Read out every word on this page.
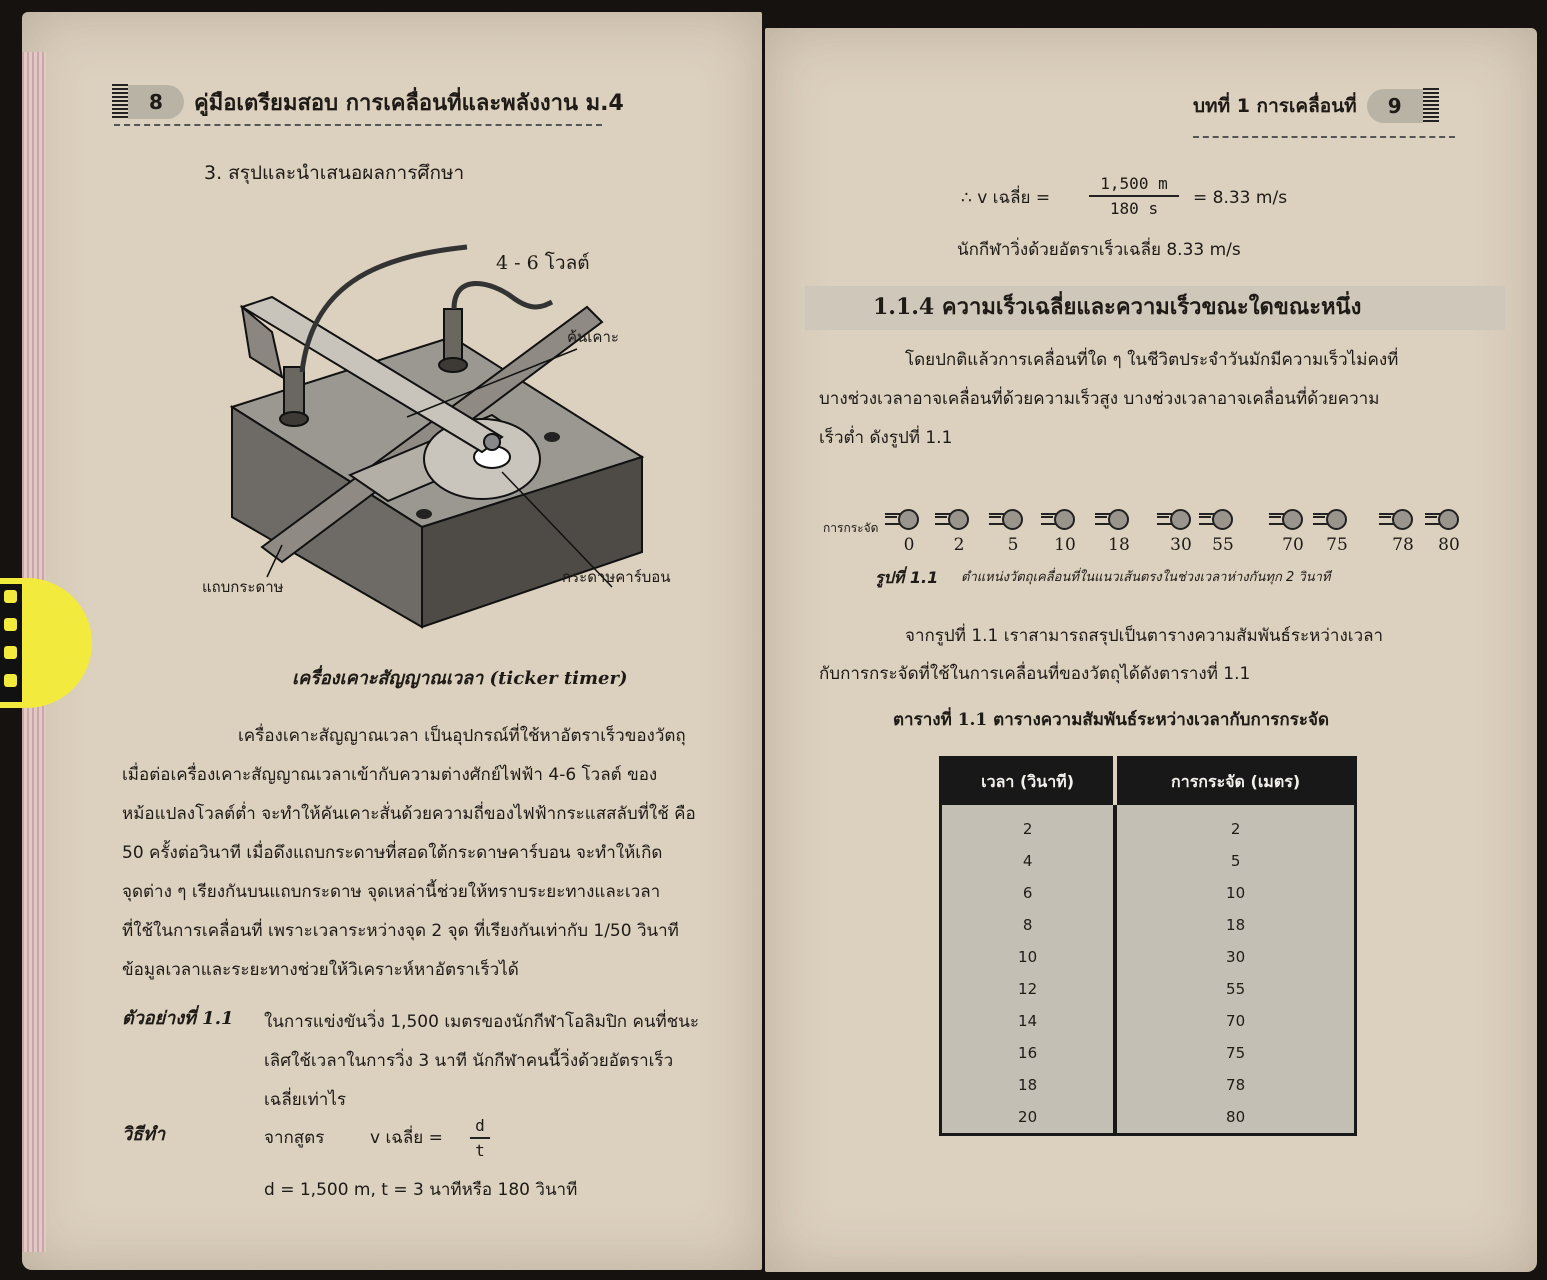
8	คู่มือเตรียมสอบ การเคลื่อนที่และพลังงาน ม.4
3. สรุปและนำเสนอผลการศึกษา
4 - 6 โวลต์
ค้นเคาะ
แถบกระดาษ
กระดาษคาร์บอน
เครื่องเคาะสัญญาณเวลา (ticker timer)

เครื่องเคาะสัญญาณเวลา เป็นอุปกรณ์ที่ใช้หาอัตราเร็วของวัตถุ

เมื่อต่อเครื่องเคาะสัญญาณเวลาเข้ากับความต่างศักย์ไฟฟ้า 4-6 โวลต์ ของ

หม้อแปลงโวลต์ต่ำ จะทำให้คันเคาะสั่นด้วยความถี่ของไฟฟ้ากระแสสลับที่ใช้ คือ

50 ครั้งต่อวินาที เมื่อดึงแถบกระดาษที่สอดใต้กระดาษคาร์บอน จะทำให้เกิด

จุดต่าง ๆ เรียงกันบนแถบกระดาษ จุดเหล่านี้ช่วยให้ทราบระยะทางและเวลา

ที่ใช้ในการเคลื่อนที่ เพราะเวลาระหว่างจุด 2 จุด ที่เรียงกันเท่ากับ 1/50 วินาที

ข้อมูลเวลาและระยะทางช่วยให้วิเคราะห์หาอัตราเร็วได้

ตัวอย่างที่ 1.1 ในการแข่งขันวิ่ง 1,500 เมตรของนักกีฬาโอลิมปิก คนที่ชนะ

เลิศใช้เวลาในการวิ่ง 3 นาที นักกีฬาคนนี้วิ่งด้วยอัตราเร็ว

เฉลี่ยเท่าไร

วิธีทำ	จากสูตร	v เฉลี่ย =
d
t
d = 1,500 m, t = 3 นาทีหรือ 180 วินาที
บทที่ 1 การเคลื่อนที่	9
∴ v เฉลี่ย =
1,500 m
180 s
= 8.33 m/s
นักกีฬาวิ่งด้วยอัตราเร็วเฉลี่ย 8.33 m/s
1.1.4 ความเร็วเฉลี่ยและความเร็วขณะใดขณะหนึ่ง

โดยปกติแล้วการเคลื่อนที่ใด ๆ ในชีวิตประจำวันมักมีความเร็วไม่คงที่

บางช่วงเวลาอาจเคลื่อนที่ด้วยความเร็วสูง บางช่วงเวลาอาจเคลื่อนที่ด้วยความ

เร็วต่ำ ดังรูปที่ 1.1

0	2	5	10 18 30 55	70 75	78 80
การกระจัด
รูปที่ 1.1 ตำแหน่งวัตถุเคลื่อนที่ในแนวเส้นตรงในช่วงเวลาห่างกันทุก 2 วินาที

จากรูปที่ 1.1 เราสามารถสรุปเป็นตารางความสัมพันธ์ระหว่างเวลา

กับการกระจัดที่ใช้ในการเคลื่อนที่ของวัตถุได้ดังตารางที่ 1.1

ตารางที่ 1.1 ตารางความสัมพันธ์ระหว่างเวลากับการกระจัด
เวลา (วินาที)	การกระจัด (เมตร)
2	2
4	5
6	10
8	18
10	30
12	55
14	70
16	75
18	78
20	80
